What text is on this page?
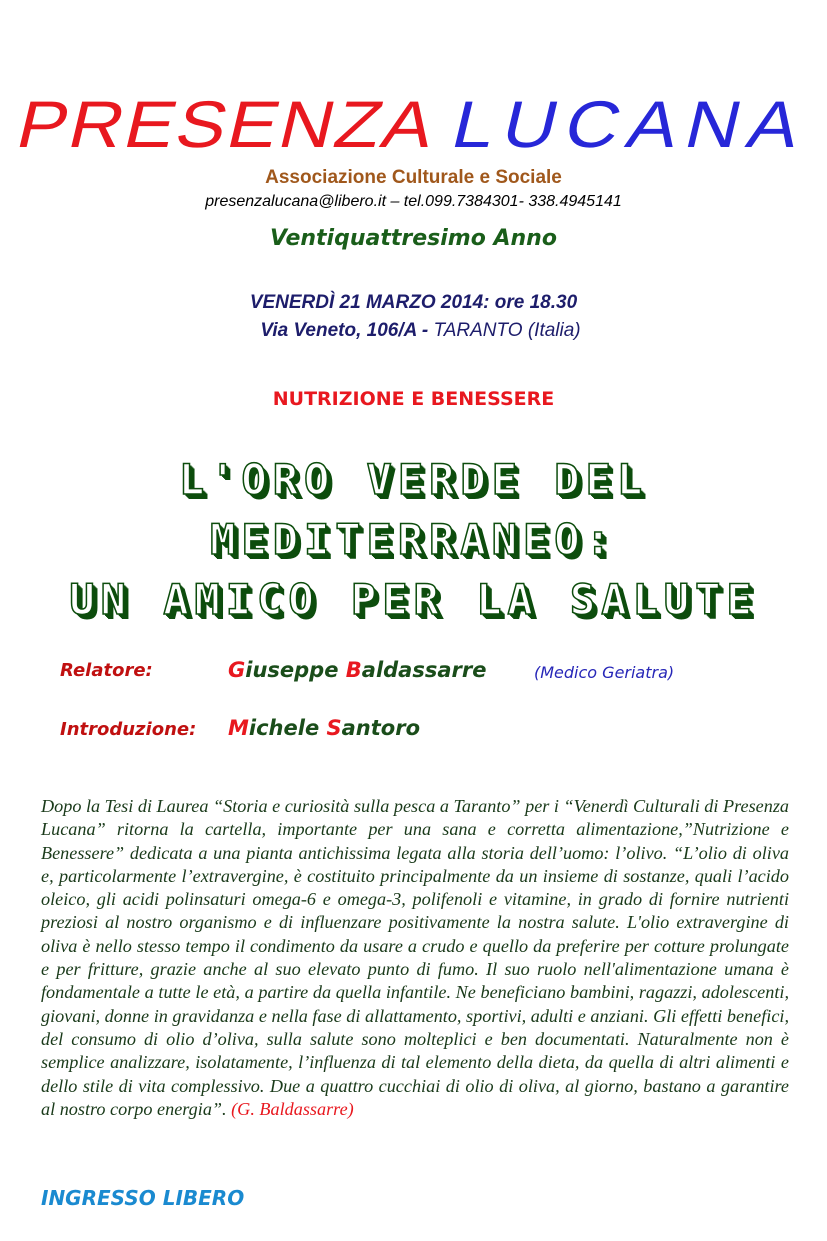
PRESENZA LUCANA
Associazione Culturale e Sociale
presenzalucana@libero.it – tel.099.7384301- 338.4945141
Ventiquattresimo Anno
VENERDÌ 21 MARZO 2014: ore 18.30
Via Veneto, 106/A - TARANTO (Italia)
NUTRIZIONE E BENESSERE
L'ORO VERDE DEL
MEDITERRANEO:
UN AMICO PER LA SALUTE
Relatore:	Giuseppe Baldassarre	(Medico Geriatra)
Introduzione: Michele Santoro
Dopo la Tesi di Laurea “Storia e curiosità sulla pesca a Taranto” per i “Venerdì Culturali di Presenza Lucana” ritorna la cartella, importante per una sana e corretta alimentazione,”Nutrizione e Benessere” dedicata a una pianta antichissima legata alla storia dell’uomo: l’olivo. “L’olio di oliva e, particolarmente l’extravergine, è costituito principalmente da un insieme di sostanze, quali l’acido oleico, gli acidi polinsaturi omega-6 e omega-3, polifenoli e vitamine, in grado di fornire nutrienti preziosi al nostro organismo e di influenzare positivamente la nostra salute. L'olio extravergine di oliva è nello stesso tempo il condimento da usare a crudo e quello da preferire per cotture prolungate e per fritture, grazie anche al suo elevato punto di fumo. Il suo ruolo nell'alimentazione umana è fondamentale a tutte le età, a partire da quella infantile. Ne beneficiano bambini, ragazzi, adolescenti, giovani, donne in gravidanza e nella fase di allattamento, sportivi, adulti e anziani. Gli effetti benefici, del consumo di olio d’oliva, sulla salute sono molteplici e ben documentati. Naturalmente non è semplice analizzare, isolatamente, l’influenza di tal elemento della dieta, da quella di altri alimenti e dello stile di vita complessivo. Due a quattro cucchiai di olio di oliva, al giorno, bastano a garantire al nostro corpo energia”. (G. Baldassarre)
INGRESSO LIBERO
